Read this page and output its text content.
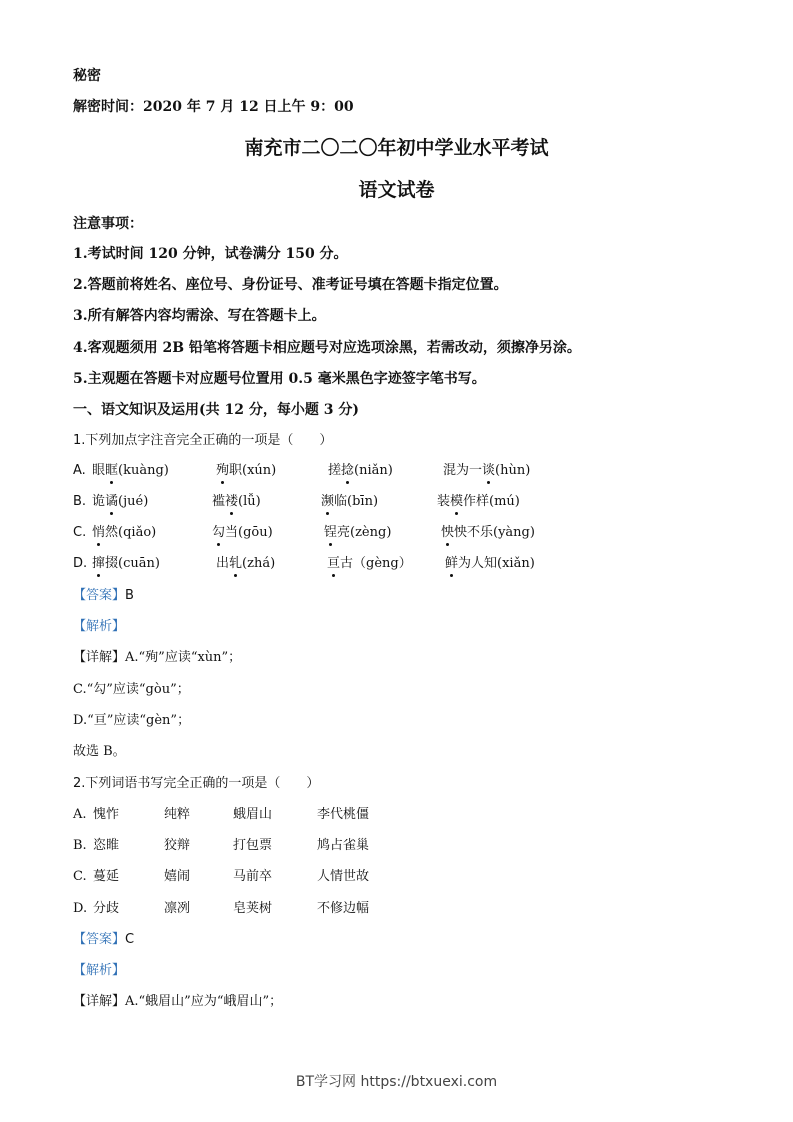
秘密
解密时间：2020 年 7 月 12 日上午 9：00
南充市二〇二〇年初中学业水平考试
语文试卷
注意事项：
1.考试时间 120 分钟，试卷满分 150 分。
2.答题前将姓名、座位号、身份证号、准考证号填在答题卡指定位置。
3.所有解答内容均需涂、写在答题卡上。
4.客观题须用 2B 铅笔将答题卡相应题号对应选项涂黑，若需改动，须擦净另涂。
5.主观题在答题卡对应题号位置用 0.5 毫米黑色字迹签字笔书写。
一、语文知识及运用(共 12 分，每小题 3 分)
1.下列加点字注音完全正确的一项是（　　）
A. 眼眶(kuàng)	殉职(xún)	搓捻(niǎn)	混为一谈(hùn)
B. 诡谲(jué)	褴褛(lǚ)	濒临(bīn)	装模作样(mú)
C. 悄然(qiǎo)	勾当(gōu)	锃亮(zèng)	怏怏不乐(yàng)
D. 撺掇(cuān)	出轧(zhá)	亘古（gèng）	鲜为人知(xiǎn)
【答案】B
【解析】
【详解】A.“殉”应读“xùn”；
C.“勾”应读“gòu”；
D.“亘”应读“gèn”；
故选 B。
2.下列词语书写完全正确的一项是（　　）
A. 愧怍	纯粹	蛾眉山	李代桃僵
B. 恣睢	狡辩	打包票	鸠占雀巢
C. 蔓延	嬉闹	马前卒	人情世故
D. 分歧	凛冽	皂荚树	不修边幅
【答案】C
【解析】
【详解】A.“蛾眉山”应为“峨眉山”；
BT学习网 https://btxuexi.com
